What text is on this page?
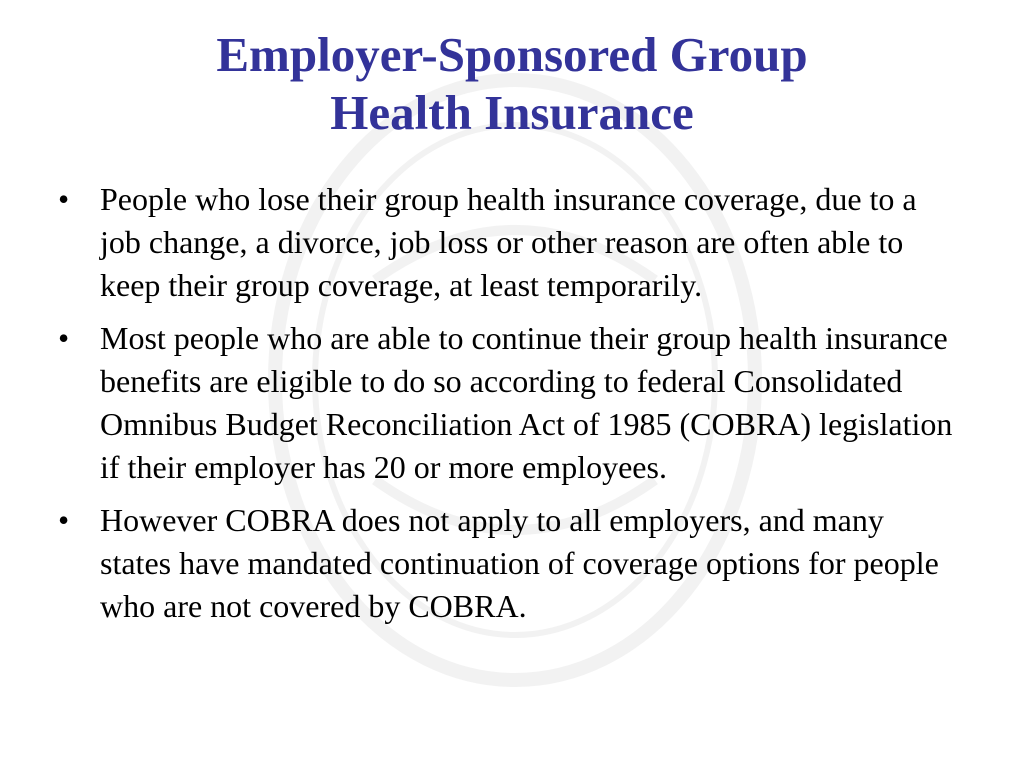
Employer-Sponsored Group
Health Insurance
• People who lose their group health insurance coverage, due to a job change, a divorce, job loss or other reason are often able to keep their group coverage, at least temporarily.
• Most people who are able to continue their group health insurance benefits are eligible to do so according to federal Consolidated Omnibus Budget Reconciliation Act of 1985 (COBRA) legislation if their employer has 20 or more employees.
• However COBRA does not apply to all employers, and many states have mandated continuation of coverage options for people who are not covered by COBRA.
